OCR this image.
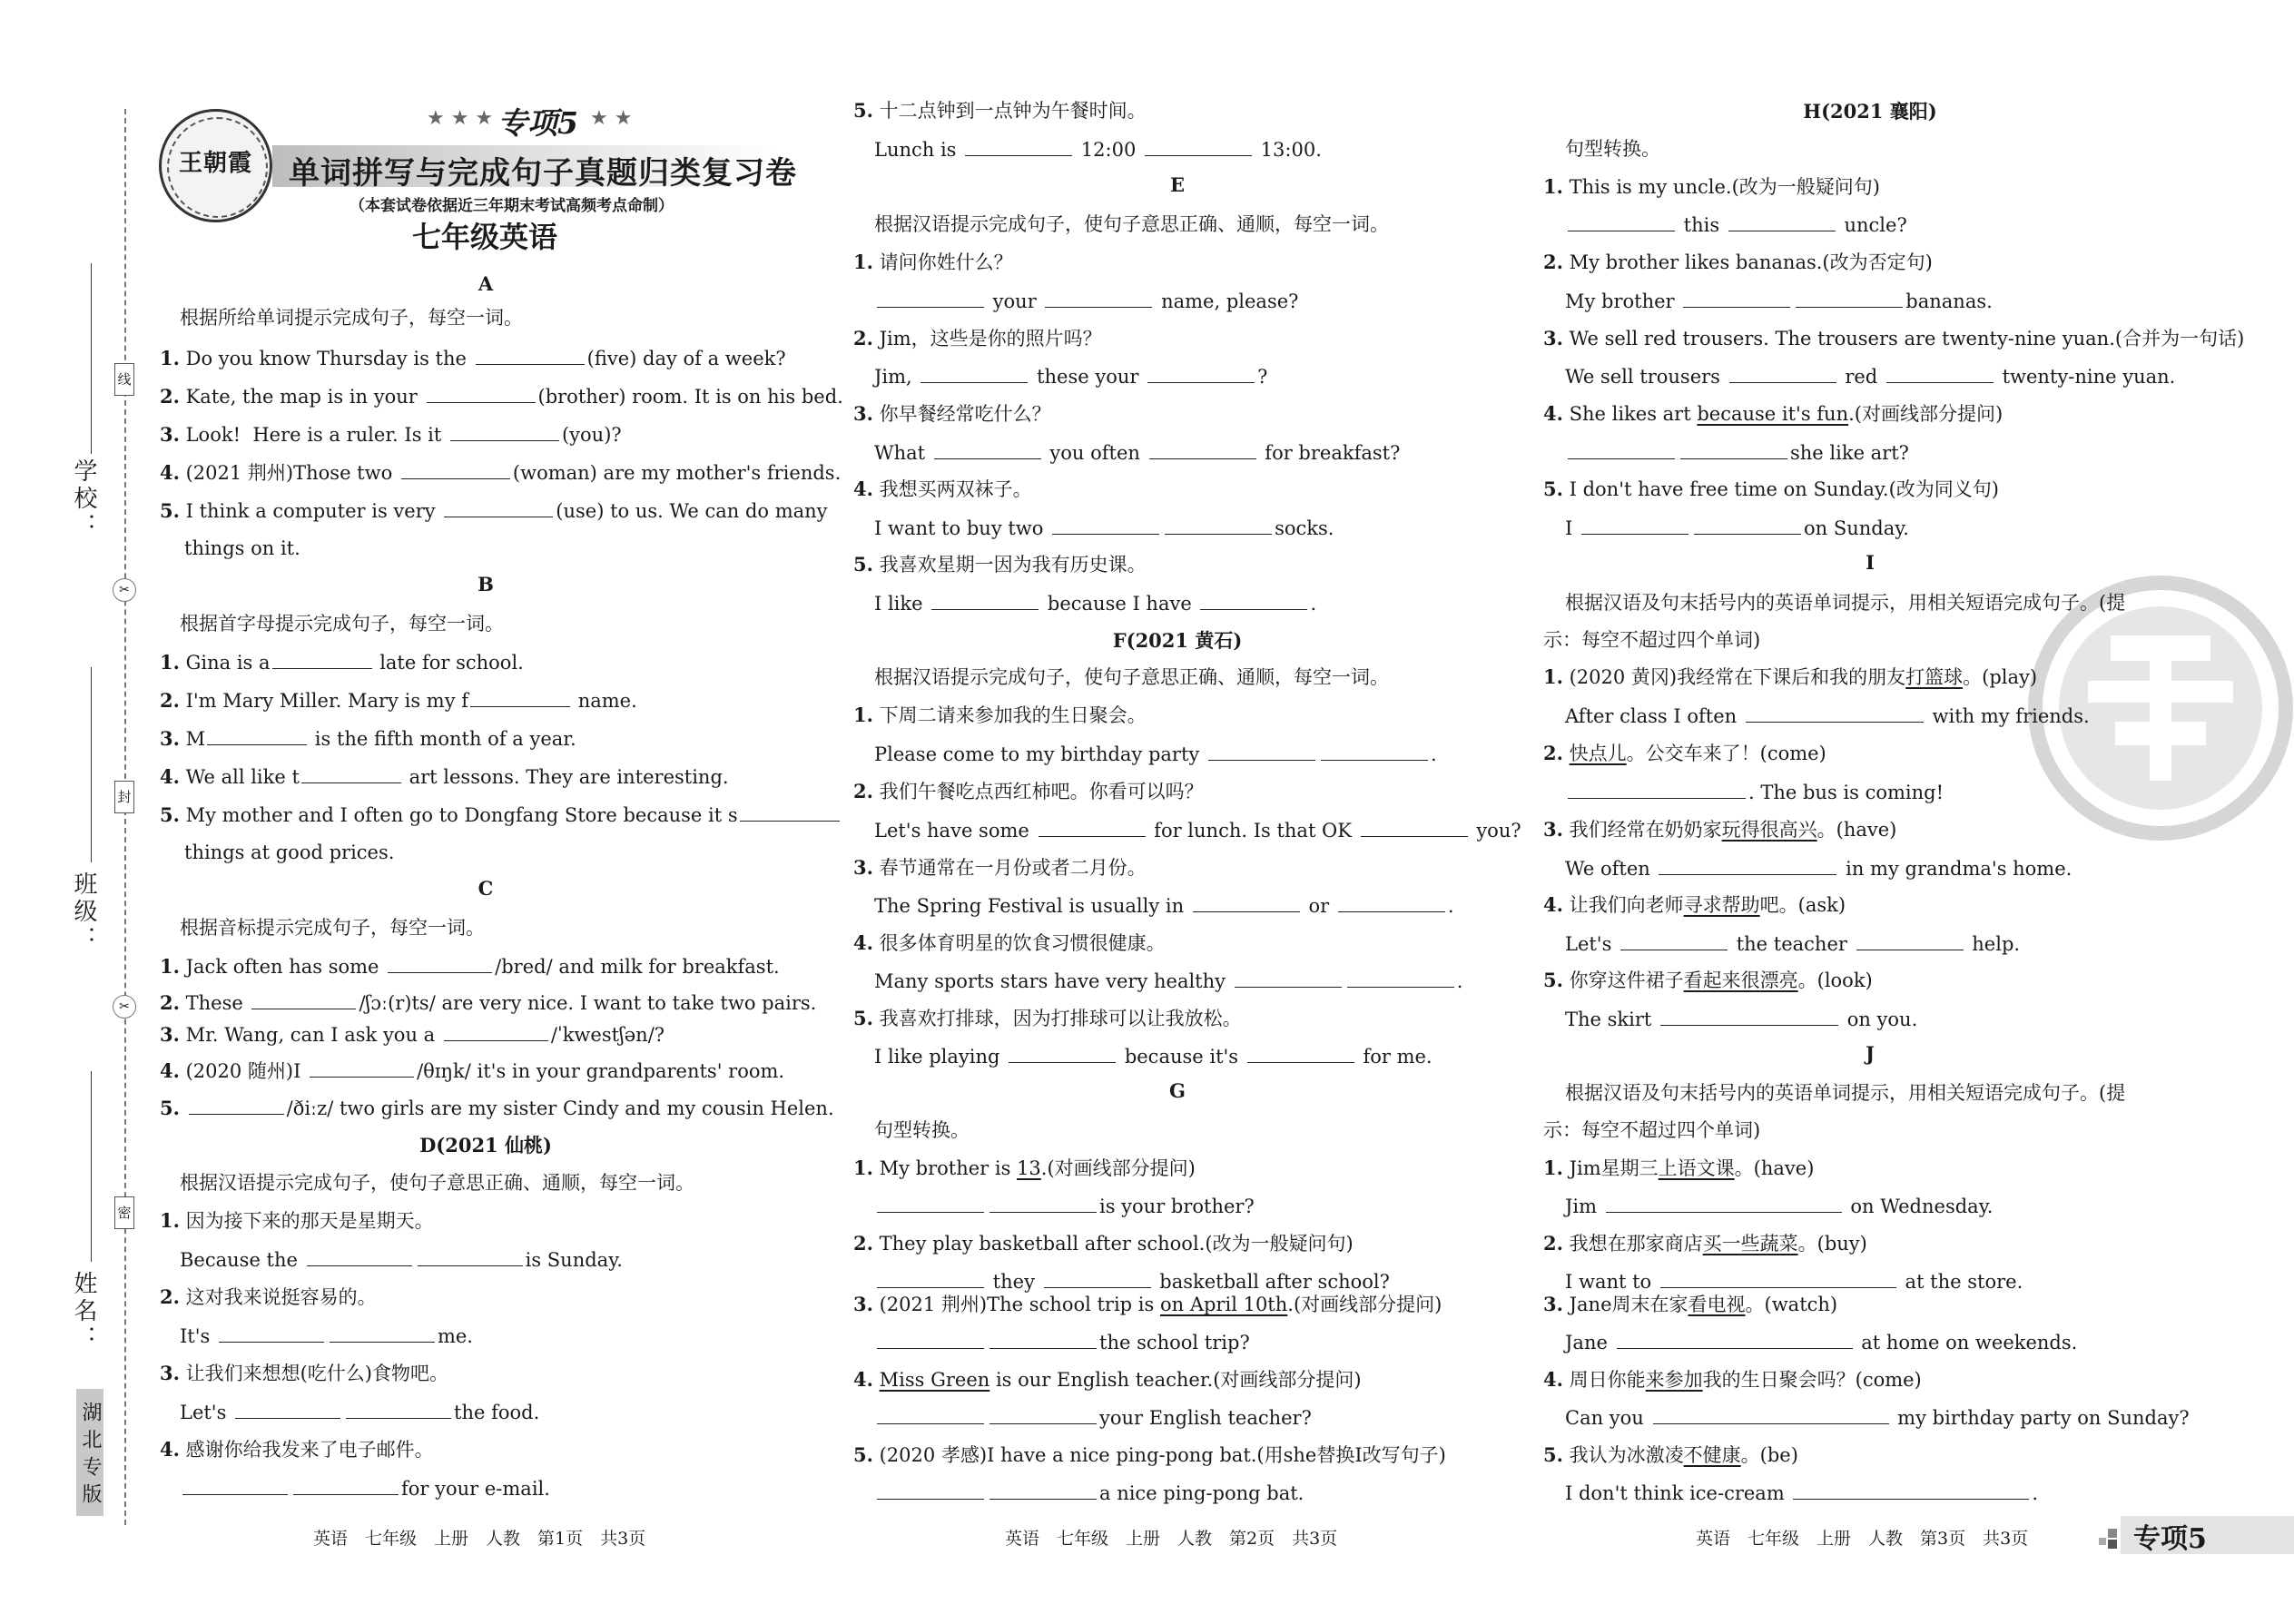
学校：
班级：
姓名：
线
封
密
✂
✂
湖北专版
王朝霞
★ ★ ★ 专项5 ★ ★
单词拼写与完成句子真题归类复习卷
（本套试卷依据近三年期末考试高频考点命制）
七年级英语
A
根据所给单词提示完成句子，每空一词。
1. Do you know Thursday is the	(five) day of a week?
2. Kate, the map is in your	(brother) room. It is on his bed.
3. Look!  Here is a ruler. Is it	(you)?
4. (2021 荆州)Those two	(woman) are my mother's friends.
5. I think a computer is very	(use) to us. We can do many
things on it.
B
根据首字母提示完成句子，每空一词。
1. Gina is a	late for school.
2. I'm Mary Miller. Mary is my f	name.
3. M	is the fifth month of a year.
4. We all like t	art lessons. They are interesting.
5. My mother and I often go to Dongfang Store because it s
things at good prices.
C
根据音标提示完成句子，每空一词。
1. Jack often has some	/bred/ and milk for breakfast.
2. These	/ʃɔː(r)ts/ are very nice. I want to take two pairs.
3. Mr. Wang, can I ask you a	/ˈkwestʃən/?
4. (2020 随州)I	/θɪŋk/ it's in your grandparents' room.
5.	/ðiːz/ two girls are my sister Cindy and my cousin Helen.
D(2021 仙桃)
根据汉语提示完成句子，使句子意思正确、通顺，每空一词。
1. 因为接下来的那天是星期天。
Because the	is Sunday.
2. 这对我来说挺容易的。
It's	me.
3. 让我们来想想(吃什么)食物吧。
Let's	the food.
4. 感谢你给我发来了电子邮件。
for your e-mail.
5. 十二点钟到一点钟为午餐时间。
Lunch is	12:00	13:00.
E
根据汉语提示完成句子，使句子意思正确、通顺，每空一词。
1. 请问你姓什么？
your	name, please?
2. Jim，这些是你的照片吗？
Jim,	these your	?
3. 你早餐经常吃什么？
What	you often	for breakfast?
4. 我想买两双袜子。
I want to buy two	socks.
5. 我喜欢星期一因为我有历史课。
I like	because I have	.
F(2021 黄石)
根据汉语提示完成句子，使句子意思正确、通顺，每空一词。
1. 下周二请来参加我的生日聚会。
Please come to my birthday party	.
2. 我们午餐吃点西红柿吧。你看可以吗？
Let's have some	for lunch. Is that OK	you?
3. 春节通常在一月份或者二月份。
The Spring Festival is usually in	or	.
4. 很多体育明星的饮食习惯很健康。
Many sports stars have very healthy	.
5. 我喜欢打排球，因为打排球可以让我放松。
I like playing	because it's	for me.
G
句型转换。
1. My brother is 13.(对画线部分提问)
is your brother?
2. They play basketball after school.(改为一般疑问句)
they	basketball after school?
3. (2021 荆州)The school trip is on April 10th.(对画线部分提问)
the school trip?
4. Miss Green is our English teacher.(对画线部分提问)
your English teacher?
5. (2020 孝感)I have a nice ping-pong bat.(用she替换I改写句子)
a nice ping-pong bat.
H(2021 襄阳)
句型转换。
1. This is my uncle.(改为一般疑问句)
this	uncle?
2. My brother likes bananas.(改为否定句)
My brother	bananas.
3. We sell red trousers. The trousers are twenty-nine yuan.(合并为一句话)
We sell trousers	red	twenty-nine yuan.
4. She likes art because it's fun.(对画线部分提问)
she like art?
5. I don't have free time on Sunday.(改为同义句)
I	on Sunday.
I
根据汉语及句末括号内的英语单词提示，用相关短语完成句子。(提
示：每空不超过四个单词)
1. (2020 黄冈)我经常在下课后和我的朋友打篮球。(play)
After class I often	with my friends.
2. 快点儿。公交车来了！(come)
. The bus is coming!
3. 我们经常在奶奶家玩得很高兴。(have)
We often	in my grandma's home.
4. 让我们向老师寻求帮助吧。(ask)
Let's	the teacher	help.
5. 你穿这件裙子看起来很漂亮。(look)
The skirt	on you.
J
根据汉语及句末括号内的英语单词提示，用相关短语完成句子。(提
示：每空不超过四个单词)
1. Jim星期三上语文课。(have)
Jim	on Wednesday.
2. 我想在那家商店买一些蔬菜。(buy)
I want to	at the store.
3. Jane周末在家看电视。(watch)
Jane	at home on weekends.
4. 周日你能来参加我的生日聚会吗？(come)
Can you	my birthday party on Sunday?
5. 我认为冰激凌不健康。(be)
I don't think ice-cream	.
英语　七年级　上册　人教　第1页　共3页	英语　七年级　上册　人教　第2页　共3页	英语　七年级　上册　人教　第3页　共3页	专项5
